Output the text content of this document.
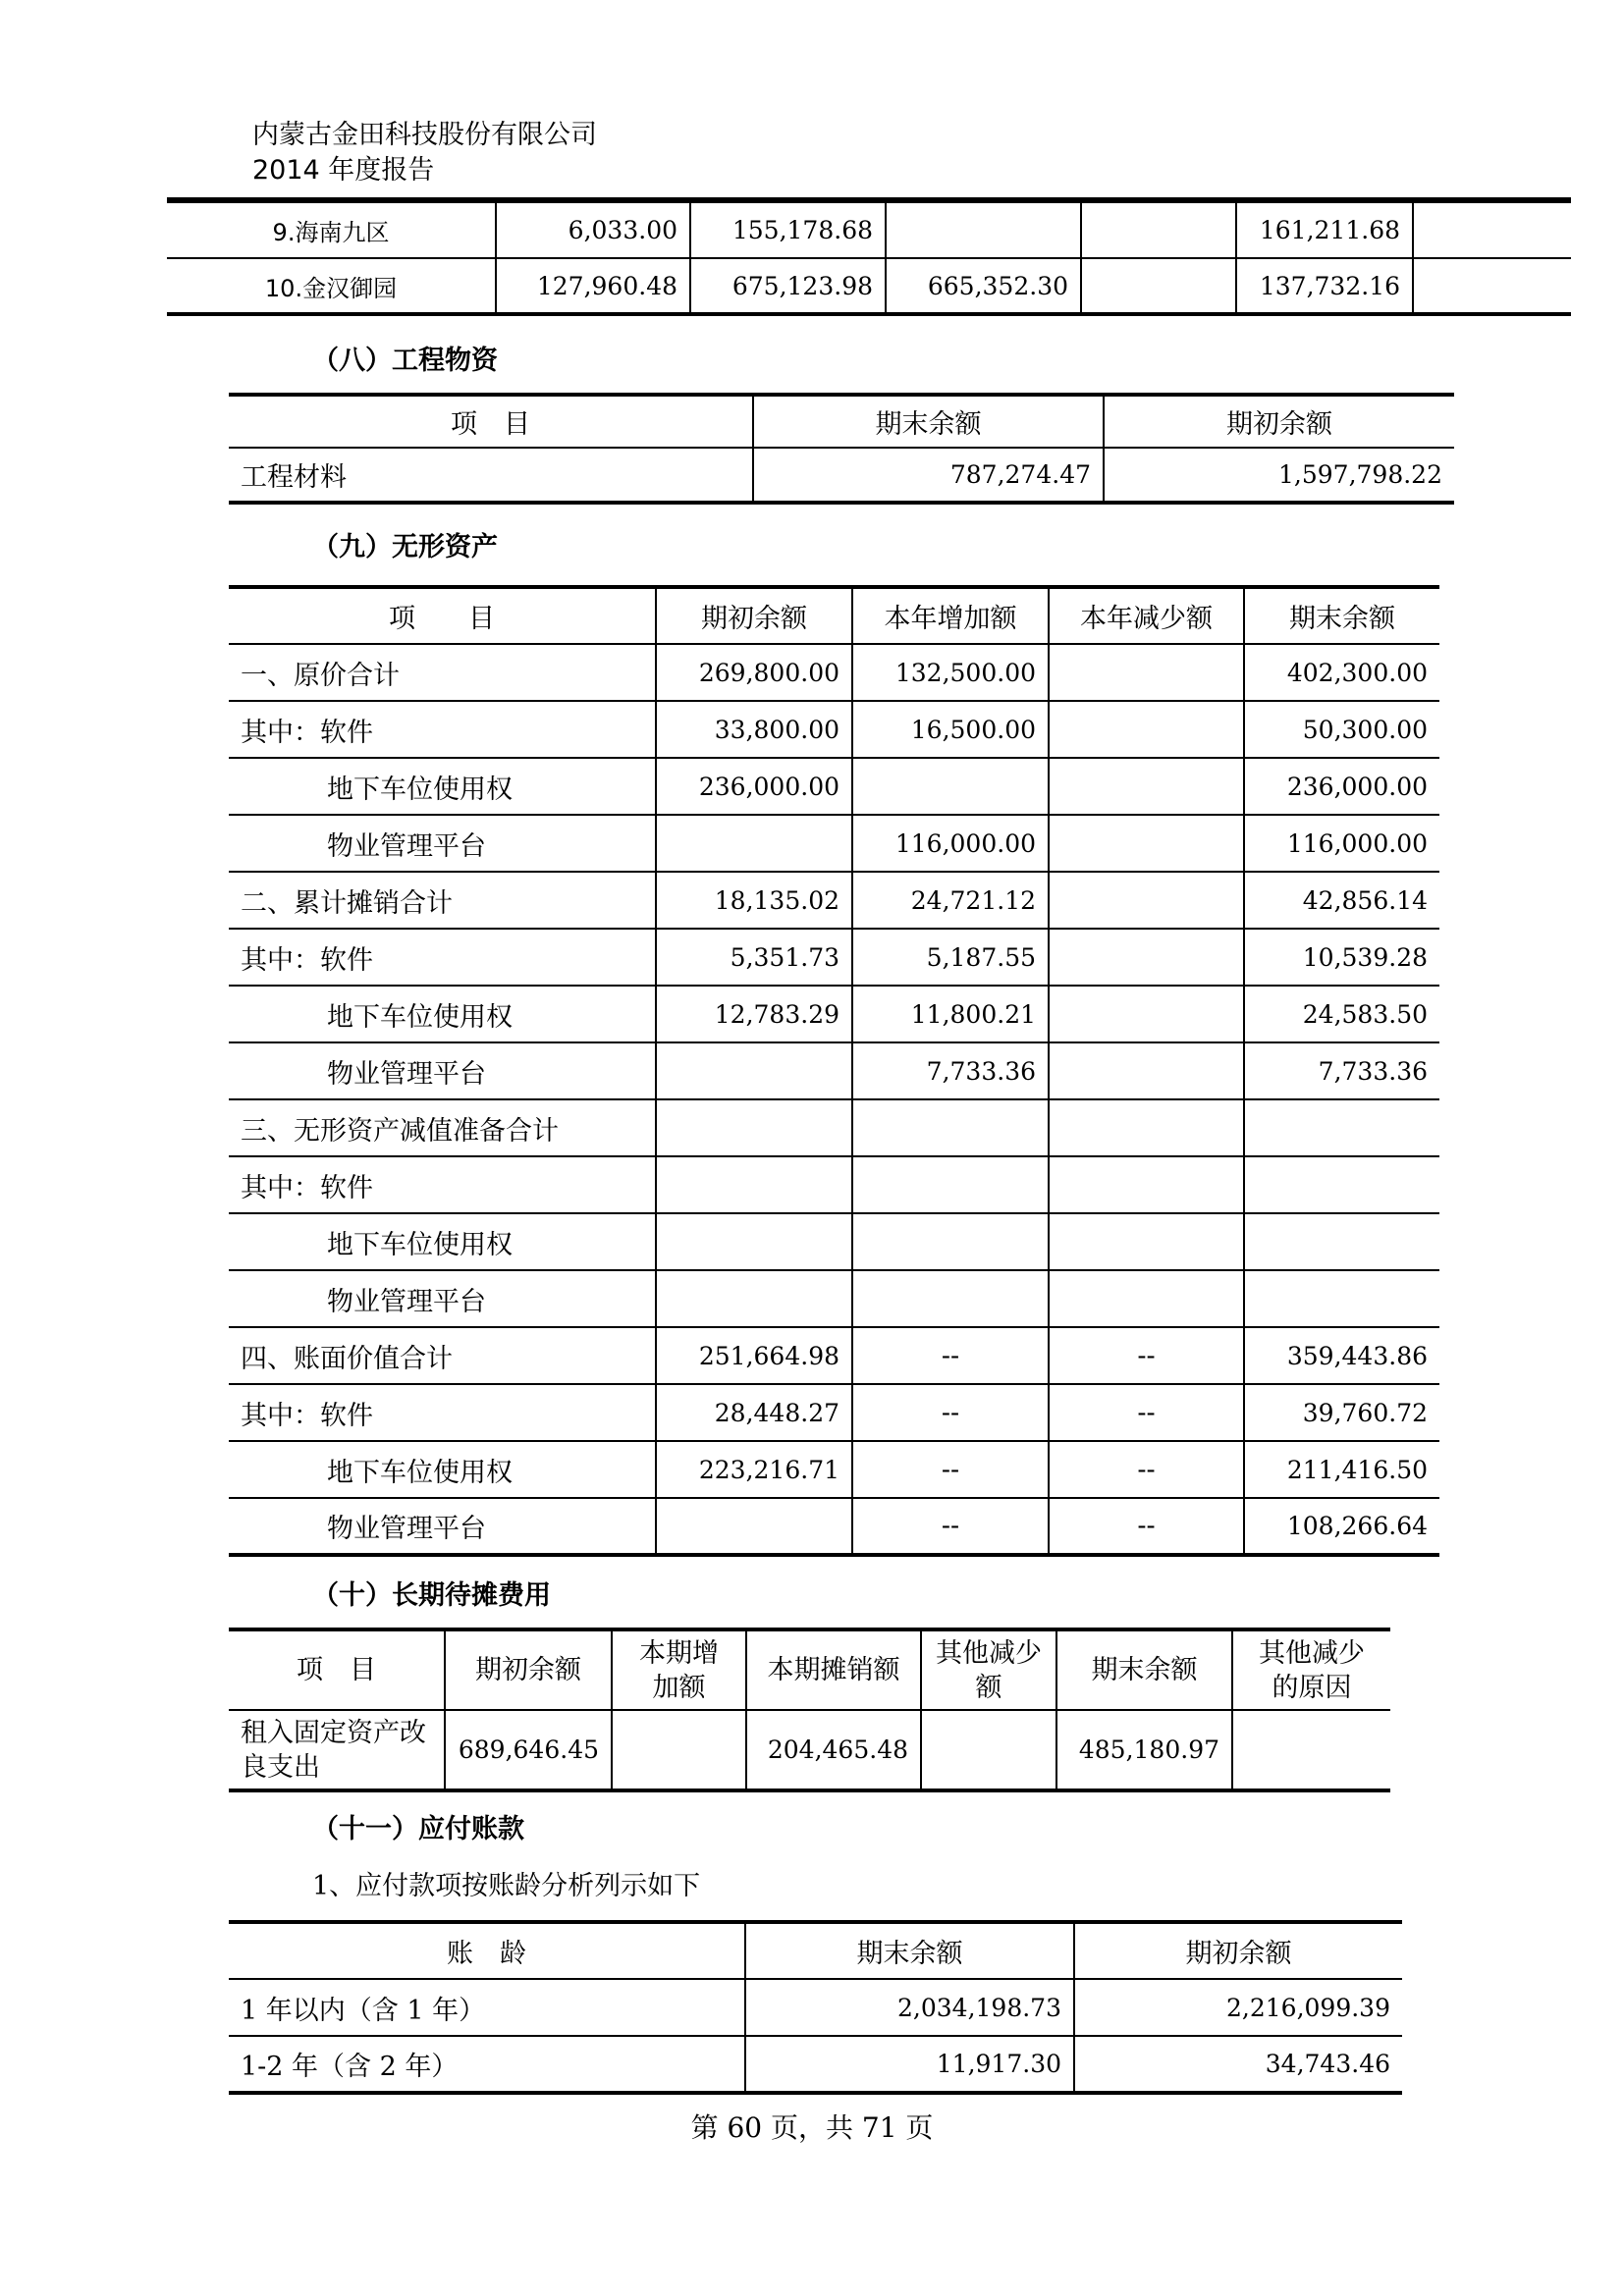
内蒙古金田科技股份有限公司
2014 年度报告
9.海南九区	6,033.00	155,178.68			161,211.68	
10.金汉御园	127,960.48	675,123.98	665,352.30		137,732.16	
（八）工程物资
项　目	期末余额	期初余额
工程材料	787,274.47	1,597,798.22
（九）无形资产
项　　目	期初余额	本年增加额	本年减少额	期末余额
一、原价合计	269,800.00	132,500.00		402,300.00
其中：软件	33,800.00	16,500.00		50,300.00
地下车位使用权	236,000.00			236,000.00
物业管理平台		116,000.00		116,000.00
二、累计摊销合计	18,135.02	24,721.12		42,856.14
其中：软件	5,351.73	5,187.55		10,539.28
地下车位使用权	12,783.29	11,800.21		24,583.50
物业管理平台		7,733.36		7,733.36
三、无形资产减值准备合计				
其中：软件				
地下车位使用权				
物业管理平台				
四、账面价值合计	251,664.98	--	--	359,443.86
其中：软件	28,448.27	--	--	39,760.72
地下车位使用权	223,216.71	--	--	211,416.50
物业管理平台		--	--	108,266.64
（十）长期待摊费用
项　目	期初余额	本期增加额	本期摊销额	其他减少额	期末余额	其他减少的原因
租入固定资产改良支出	689,646.45		204,465.48		485,180.97	
（十一）应付账款
1、应付款项按账龄分析列示如下
账　龄	期末余额	期初余额
1 年以内（含 1 年）	2,034,198.73	2,216,099.39
1-2 年（含 2 年）	11,917.30	34,743.46
第 60 页，共 71 页
